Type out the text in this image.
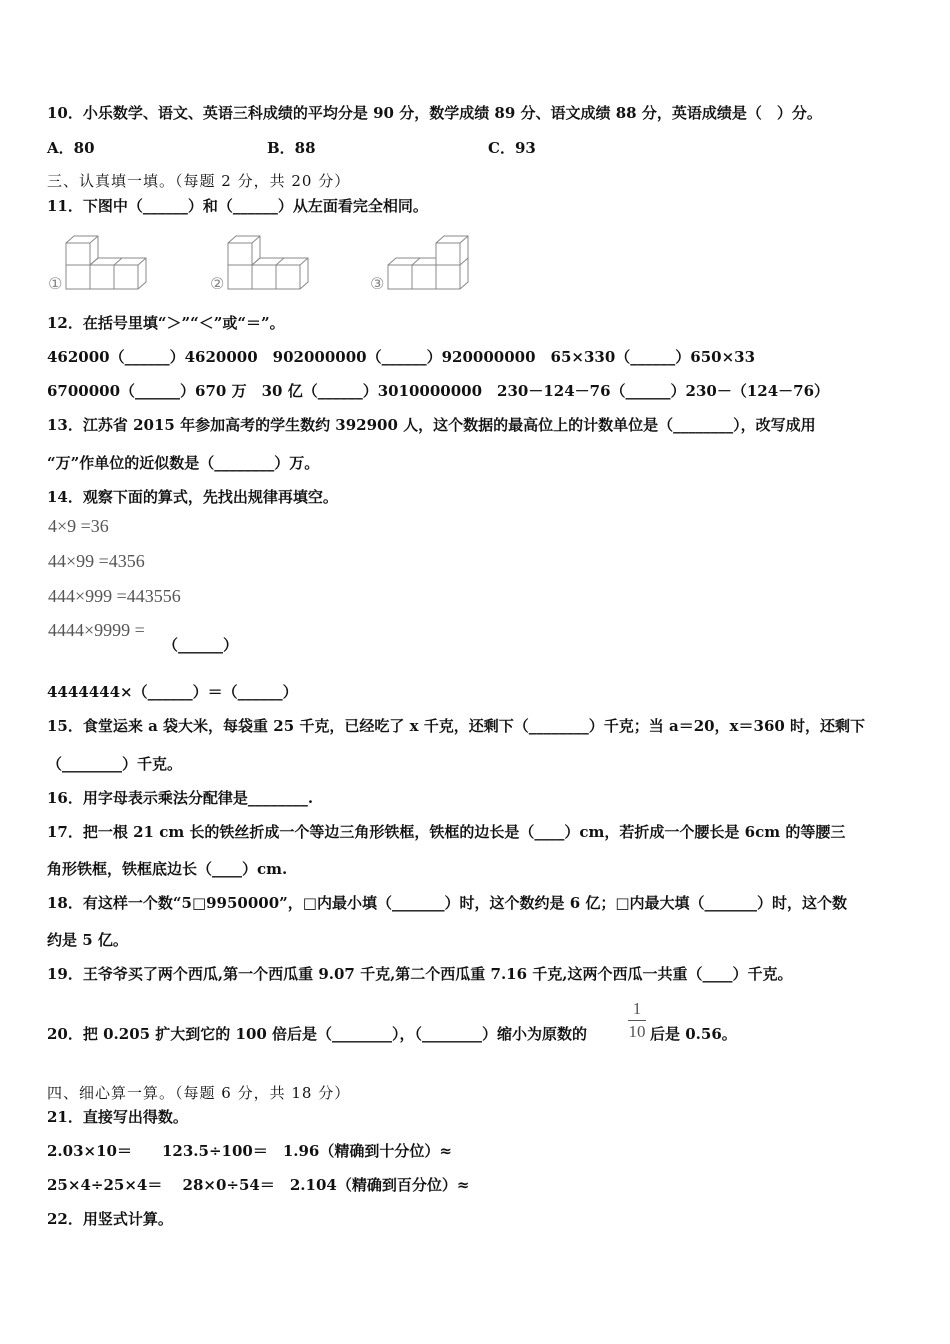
10．小乐数学、语文、英语三科成绩的平均分是 90 分，数学成绩 89 分、语文成绩 88 分，英语成绩是（　）分。
A．80	B．88	C．93
三、认真填一填。（每题 2 分，共 20 分）
11．下图中（______）和（______）从左面看完全相同。
①	②	③
12．在括号里填“＞”“＜”或“＝”。
462000（______）4620000　902000000（______）920000000　65×330（______）650×33
6700000（______）670 万　30 亿（______）3010000000　230－124－76（______）230－（124－76）
13．江苏省 2015 年参加高考的学生数约 392900 人，这个数据的最高位上的计数单位是（________），改写成用
“万”作单位的近似数是（________）万。
14．观察下面的算式，先找出规律再填空。
4×9 =36
44×99 =4356
444×999 =443556
4444×9999 =
（______）
4444444×（______）＝（______）
15．食堂运来 a 袋大米，每袋重 25 千克，已经吃了 x 千克，还剩下（________）千克；当 a＝20，x＝360 时，还剩下
（________）千克。
16．用字母表示乘法分配律是________.
17．把一根 21 cm 长的铁丝折成一个等边三角形铁框，铁框的边长是（____）cm，若折成一个腰长是 6cm 的等腰三
角形铁框，铁框底边长（____）cm.
18．有这样一个数“5□9950000”，□内最小填（_______）时，这个数约是 6 亿；□内最大填（_______）时，这个数
约是 5 亿。
19．王爷爷买了两个西瓜,第一个西瓜重 9.07 千克,第二个西瓜重 7.16 千克,这两个西瓜一共重（____）千克。
20．把 0.205 扩大到它的 100 倍后是（________），（________）缩小为原数的
1
10 后是 0.56。
四、细心算一算。（每题 6 分，共 18 分）
21．直接写出得数。
2.03×10＝　　123.5÷100＝　1.96（精确到十分位）≈
25×4÷25×4＝　 28×0÷54＝　2.104（精确到百分位）≈
22．用竖式计算。
